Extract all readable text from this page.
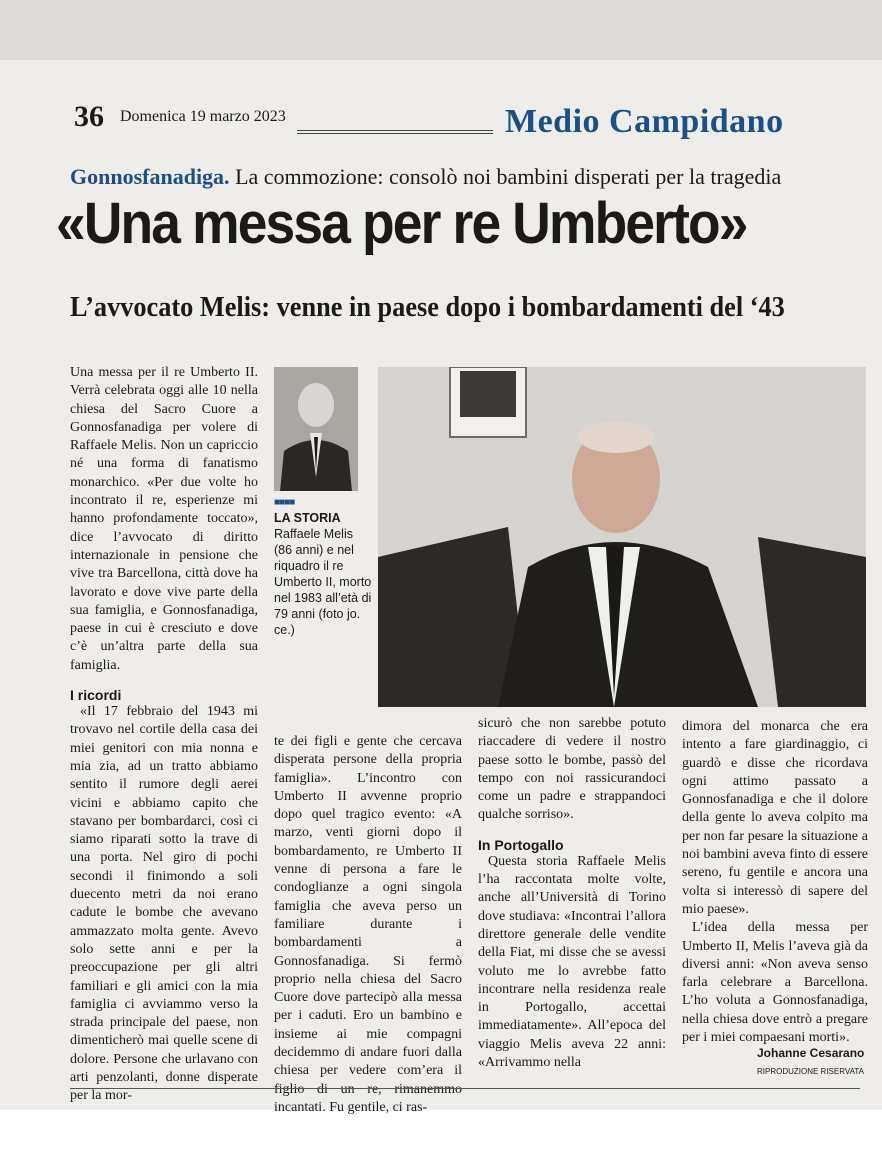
36 Domenica 19 marzo 2023	Medio Campidano
Gonnosfanadiga. La commozione: consolò noi bambini disperati per la tragedia
«Una messa per re Umberto»
L’avvocato Melis: venne in paese dopo i bombardamenti del ‘43

Una messa per il re Umberto II. Verrà celebrata oggi alle 10 nella chiesa del Sacro Cuore a Gonnosfanadiga per volere di Raffaele Melis. Non un capriccio né una forma di fanatismo monarchico. «Per due volte ho incontrato il re, esperienze mi hanno profondamente toccato», dice l’avvocato di diritto internazionale in pensione che vive tra Barcellona, città dove ha lavorato e dove vive parte della sua famiglia, e Gonnosfanadiga, paese in cui è cresciuto e dove c’è un’altra parte della sua famiglia.

I ricordi

«Il 17 febbraio del 1943 mi trovavo nel cortile della casa dei miei genitori con mia nonna e mia zia, ad un tratto abbiamo sentito il rumore degli aerei vicini e abbiamo capito che stavano per bombardarci, così ci siamo riparati sotto la trave di una porta. Nel giro di pochi secondi il finimondo a soli duecento metri da noi erano cadute le bombe che avevano ammazzato molta gente. Avevo solo sette anni e per la preoccupazione per gli altri familiari e gli amici con la mia famiglia ci avviammo verso la strada principale del paese, non dimenticherò mai quelle scene di dolore. Persone che urlavano con arti penzolanti, donne disperate per la mor-

■■■■
LA STORIA
Raffaele Melis (86 anni) e nel riquadro il re Umberto II, morto nel 1983 all’età di 79 anni (foto jo. ce.)

te dei figli e gente che cercava disperata persone della propria famiglia». L’incontro con Umberto II avvenne proprio dopo quel tragico evento: «A marzo, venti giorni dopo il bombardamento, re Umberto II venne di persona a fare le condoglianze a ogni singola famiglia che aveva perso un familiare durante i bombardamenti a Gonnosfanadiga. Si fermò proprio nella chiesa del Sacro Cuore dove partecipò alla messa per i caduti. Ero un bambino e insieme ai mie compagni decidemmo di andare fuori dalla chiesa per vedere com’era il figlio di un re, rimanemmo incantati. Fu gentile, ci ras-

sicurò che non sarebbe potuto riaccadere di vedere il nostro paese sotto le bombe, passò del tempo con noi rassicurandoci come un padre e strappandoci qualche sorriso».

In Portogallo

Questa storia Raffaele Melis l’ha raccontata molte volte, anche all’Università di Torino dove studiava: «Incontrai l’allora direttore generale delle vendite della Fiat, mi disse che se avessi voluto me lo avrebbe fatto incontrare nella residenza reale in Portogallo, accettai immediatamente». All’epoca del viaggio Melis aveva 22 anni: «Arrivammo nella

dimora del monarca che era intento a fare giardinaggio, ci guardò e disse che ricordava ogni attimo passato a Gonnosfanadiga e che il dolore della gente lo aveva colpito ma per non far pesare la situazione a noi bambini aveva finto di essere sereno, fu gentile e ancora una volta si interessò di sapere del mio paese».

L’idea della messa per Umberto II, Melis l’aveva già da diversi anni: «Non aveva senso farla celebrare a Barcellona. L’ho voluta a Gonnosfanadiga, nella chiesa dove entrò a pregare per i miei compaesani morti».

Johanne Cesarano
RIPRODUZIONE RISERVATA
